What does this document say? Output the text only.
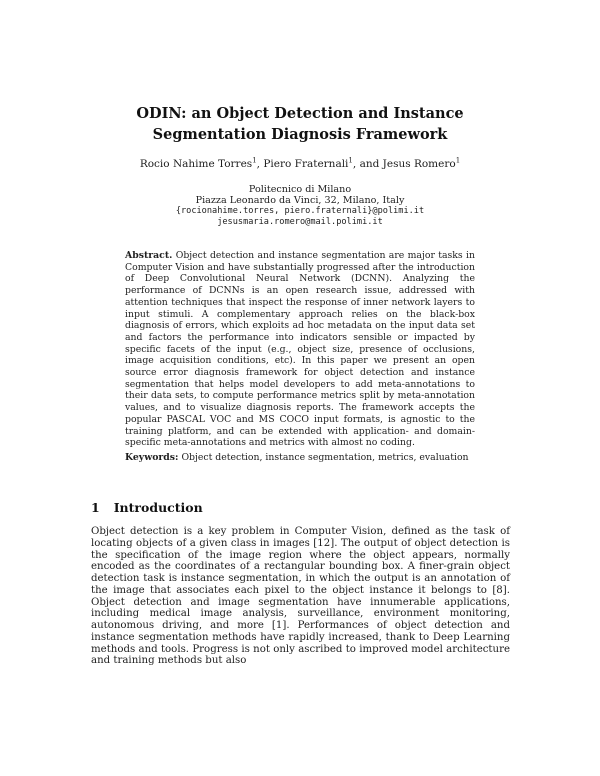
ODIN: an Object Detection and Instance
Segmentation Diagnosis Framework
Rocio Nahime Torres$^1$, Piero Fraternali$^1$, and Jesus Romero$^1$
Politecnico di Milano
Piazza Leonardo da Vinci, 32, Milano, Italy
{rocionahime.torres, piero.fraternali}@polimi.it
jesusmaria.romero@mail.polimi.it
Abstract. Object detection and instance segmentation are major tasks in Computer Vision and have substantially progressed after the introduction of Deep Convolutional Neural Network (DCNN). Analyzing the performance of DCNNs is an open research issue, addressed with attention techniques that inspect the response of inner network layers to input stimuli. A complementary approach relies on the black-box diagnosis of errors, which exploits ad hoc metadata on the input data set and factors the performance into indicators sensible or impacted by specific facets of the input (e.g., object size, presence of occlusions, image acquisition conditions, etc). In this paper we present an open source error diagnosis framework for object detection and instance segmentation that helps model developers to add meta-annotations to their data sets, to compute performance metrics split by meta-annotation values, and to visualize diagnosis reports. The framework accepts the popular PASCAL VOC and MS COCO input formats, is agnostic to the training platform, and can be extended with application- and domain-specific meta-annotations and metrics with almost no coding.
Keywords: Object detection, instance segmentation, metrics, evaluation
1 Introduction
Object detection is a key problem in Computer Vision, defined as the task of locating objects of a given class in images [12]. The output of object detection is the specification of the image region where the object appears, normally encoded as the coordinates of a rectangular bounding box. A finer-grain object detection task is instance segmentation, in which the output is an annotation of the image that associates each pixel to the object instance it belongs to [8]. Object detection and image segmentation have innumerable applications, including medical image analysis, surveillance, environment monitoring, autonomous driving, and more [1]. Performances of object detection and instance segmentation methods have rapidly increased, thank to Deep Learning methods and tools. Progress is not only ascribed to improved model architecture and training methods but also
